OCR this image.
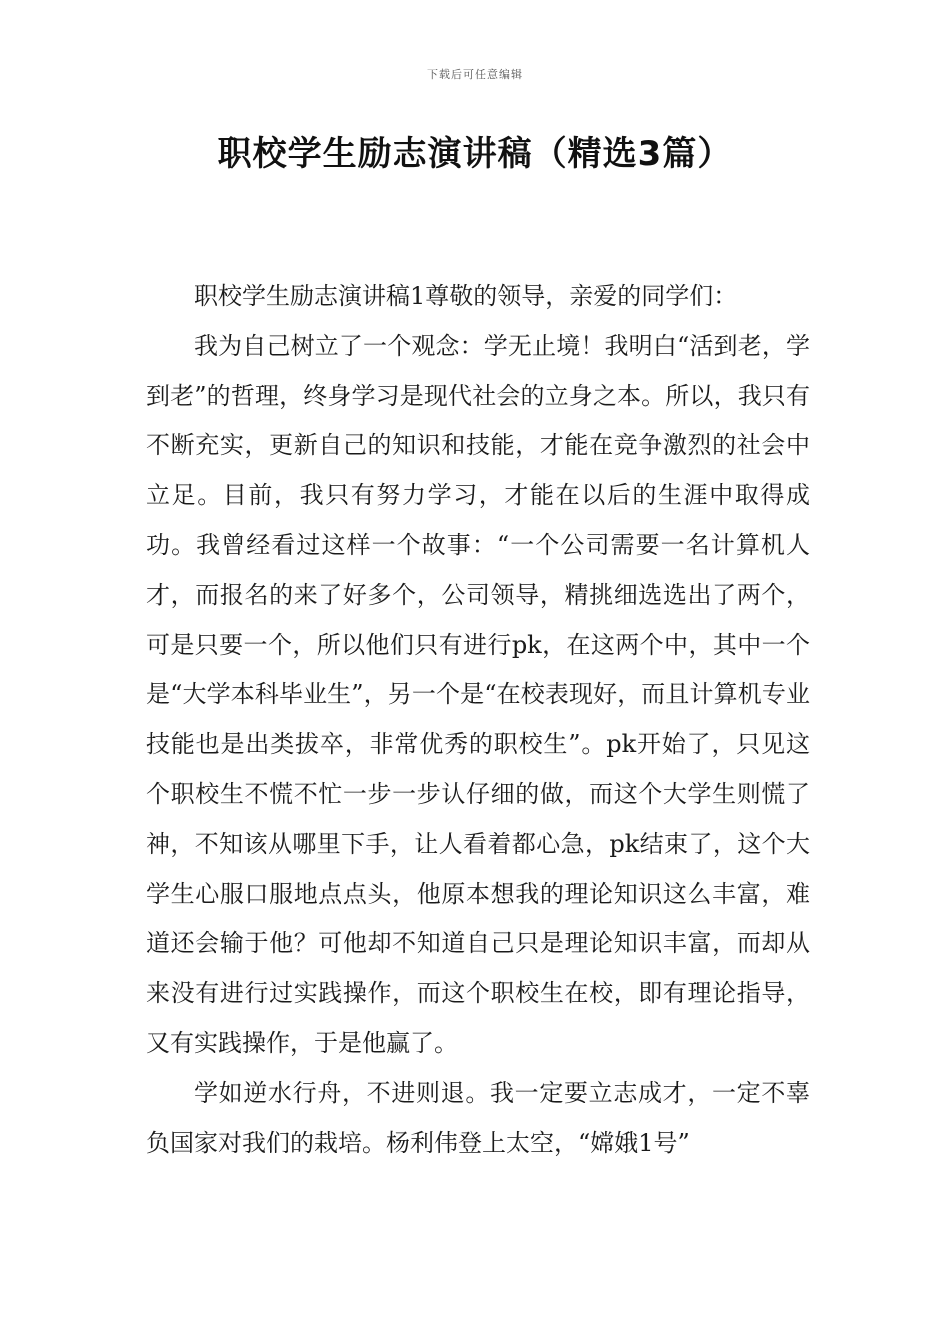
下载后可任意编辑
职校学生励志演讲稿（精选3篇）

职校学生励志演讲稿1尊敬的领导，亲爱的同学们：

我为自己树立了一个观念：学无止境！我明白“活到老，学到老”的哲理，终身学习是现代社会的立身之本。所以，我只有不断充实，更新自己的知识和技能，才能在竞争激烈的社会中立足。目前，我只有努力学习，才能在以后的生涯中取得成功。我曾经看过这样一个故事：“一个公司需要一名计算机人才，而报名的来了好多个，公司领导，精挑细选选出了两个，可是只要一个，所以他们只有进行pk，在这两个中，其中一个是“大学本科毕业生”，另一个是“在校表现好，而且计算机专业技能也是出类拔卒，非常优秀的职校生”。pk开始了，只见这个职校生不慌不忙一步一步认仔细的做，而这个大学生则慌了神，不知该从哪里下手，让人看着都心急，pk结束了，这个大学生心服口服地点点头，他原本想我的理论知识这么丰富，难道还会输于他？可他却不知道自己只是理论知识丰富，而却从来没有进行过实践操作，而这个职校生在校，即有理论指导，又有实践操作，于是他赢了。

学如逆水行舟，不进则退。我一定要立志成才，一定不辜负国家对我们的栽培。杨利伟登上太空，“嫦娥1号”
